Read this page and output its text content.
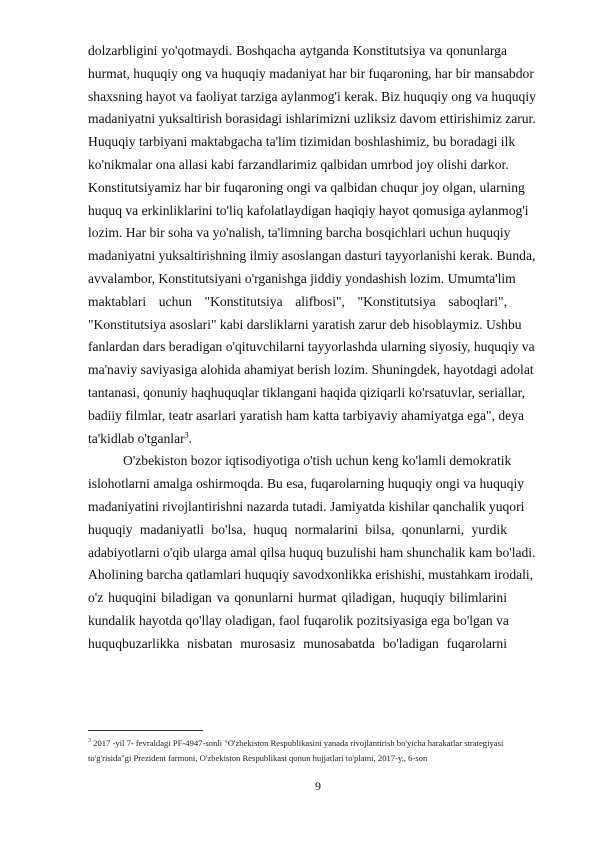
dolzarbligini yo'qotmaydi. Boshqacha aytganda Konstitutsiya va qonunlarga
hurmat, huquqiy ong va huquqiy madaniyat har bir fuqaroning, har bir mansabdor
shaxsning hayot va faoliyat tarziga aylanmog'i kerak. Biz huquqiy ong va huquqiy
madaniyatni yuksaltirish borasidagi ishlarimizni uzliksiz davom ettirishimiz zarur.
Huquqiy tarbiyani maktabgacha ta'lim tizimidan boshlashimiz, bu boradagi ilk
ko'nikmalar ona allasi kabi farzandlarimiz qalbidan umrbod joy olishi darkor.
Konstitutsiyamiz har bir fuqaroning ongi va qalbidan chuqur joy olgan, ularning
huquq va erkinliklarini to'liq kafolatlaydigan haqiqiy hayot qomusiga aylanmog'i
lozim. Har bir soha va yo'nalish, ta'limning barcha bosqichlari uchun huquqiy
madaniyatni yuksaltirishning ilmiy asoslangan dasturi tayyorlanishi kerak. Bunda,
avvalambor, Konstitutsiyani o'rganishga jiddiy yondashish lozim. Umumta'lim
maktablari uchun "Konstitutsiya alifbosi", "Konstitutsiya saboqlari",
"Konstitutsiya asoslari" kabi darsliklarni yaratish zarur deb hisoblaymiz. Ushbu
fanlardan dars beradigan o'qituvchilarni tayyorlashda ularning siyosiy, huquqiy va
ma'naviy saviyasiga alohida ahamiyat berish lozim. Shuningdek, hayotdagi adolat
tantanasi, qonuniy haqhuquqlar tiklangani haqida qiziqarli ko'rsatuvlar, seriallar,
badiiy filmlar, teatr asarlari yaratish ham katta tarbiyaviy ahamiyatga ega", deya
ta'kidlab o'tganlar$^3$.
O'zbekiston bozor iqtisodiyotiga o'tish uchun keng ko'lamli demokratik
islohotlarni amalga oshirmoqda. Bu esa, fuqarolarning huquqiy ongi va huquqiy
madaniyatini rivojlantirishni nazarda tutadi. Jamiyatda kishilar qanchalik yuqori
huquqiy madaniyatli bo'lsa, huquq normalarini bilsa, qonunlarni, yurdik
adabiyotlarni o'qib ularga amal qilsa huquq buzulishi ham shunchalik kam bo'ladi.
Aholining barcha qatlamlari huquqiy savodxonlikka erishishi, mustahkam irodali,
o'z huquqini biladigan va qonunlarni hurmat qiladigan, huquqiy bilimlarini
kundalik hayotda qo'llay oladigan, faol fuqarolik pozitsiyasiga ega bo'lgan va
huquqbuzarlikka nisbatan murosasiz munosabatda bo'ladigan fuqarolarni
$^3$ 2017 -yil 7- fevraldagi PF-4947-sonli "O'zbekiston Respublikasini yanada rivojlantirish bo'yicha harakatlar strategiyasi
to'g'risida"gi Prezident farmoni, O'zbekiston Respublikasi qonun hujjatlari to'plami, 2017-y., 6-son
9
